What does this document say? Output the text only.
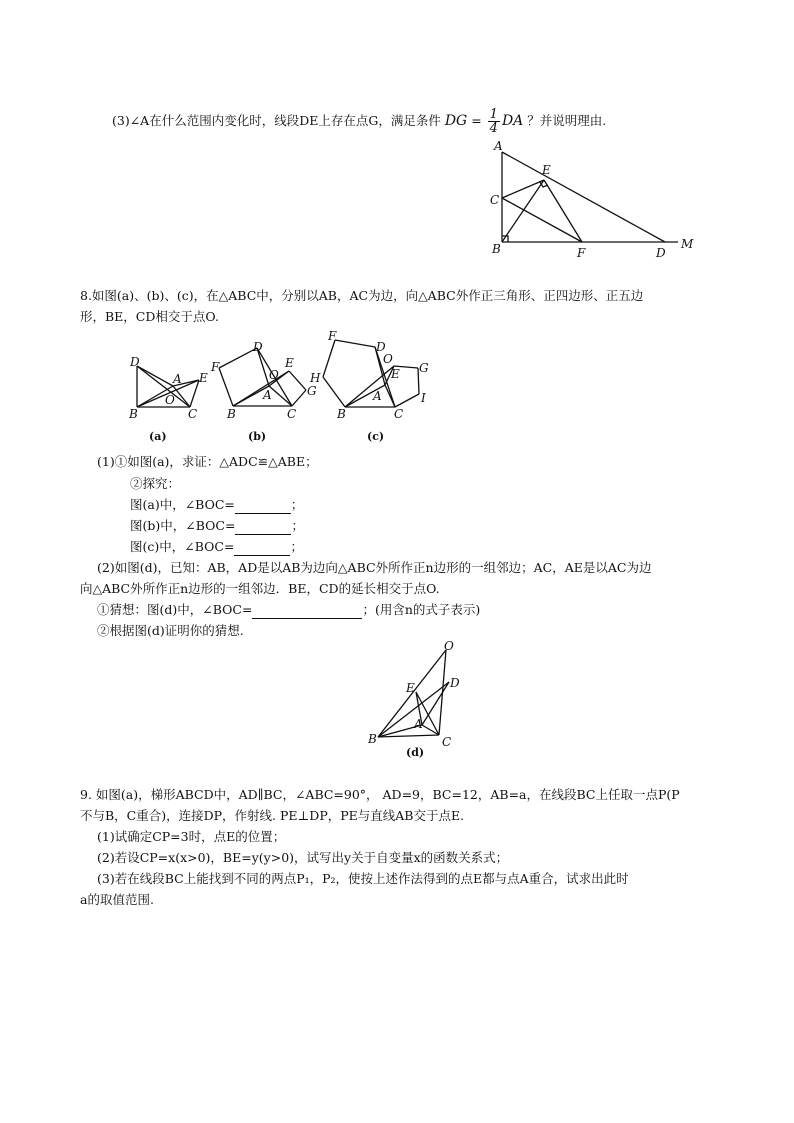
(3)∠A在什么范围内变化时，线段DE上存在点G，满足条件 DG = $\frac{1}{4}$ DA ？并说明理由.
A
E
C
B	F	D
M
8.如图(a)、(b)、(c)，在△ABC中，分别以AB，AC为边，向△ABC外作正三角形、正四边形、正五边
形，BE，CD相交于点O.
D
A E
O
B	C
(a)
F
D
E
O
A	G
B	C
(b)
F
D
H
O
E G
A	I
B	C
(c)
(1)①如图(a)，求证：△ADC≌△ABE；
②探究：
图(a)中，∠BOC=	；
图(b)中，∠BOC=	；
图(c)中，∠BOC=	；
(2)如图(d)，已知：AB，AD是以AB为边向△ABC外所作正n边形的一组邻边；AC，AE是以AC为边
向△ABC外所作正n边形的一组邻边．BE，CD的延长相交于点O.
①猜想：图(d)中，∠BOC=	；(用含n的式子表示)
②根据图(d)证明你的猜想.
O
E	D
A
B	C
(d)
9. 如图(a)，梯形ABCD中，AD∥BC，∠ABC=90°， AD=9，BC=12，AB=a，在线段BC上任取一点P(P
不与B，C重合)，连接DP，作射线. PE⊥DP，PE与直线AB交于点E.
(1)试确定CP=3时，点E的位置；
(2)若设CP=x(x>0)，BE=y(y>0)，试写出y关于自变量x的函数关系式；
(3)若在线段BC上能找到不同的两点P₁，P₂，使按上述作法得到的点E都与点A重合，试求出此时
a的取值范围.
